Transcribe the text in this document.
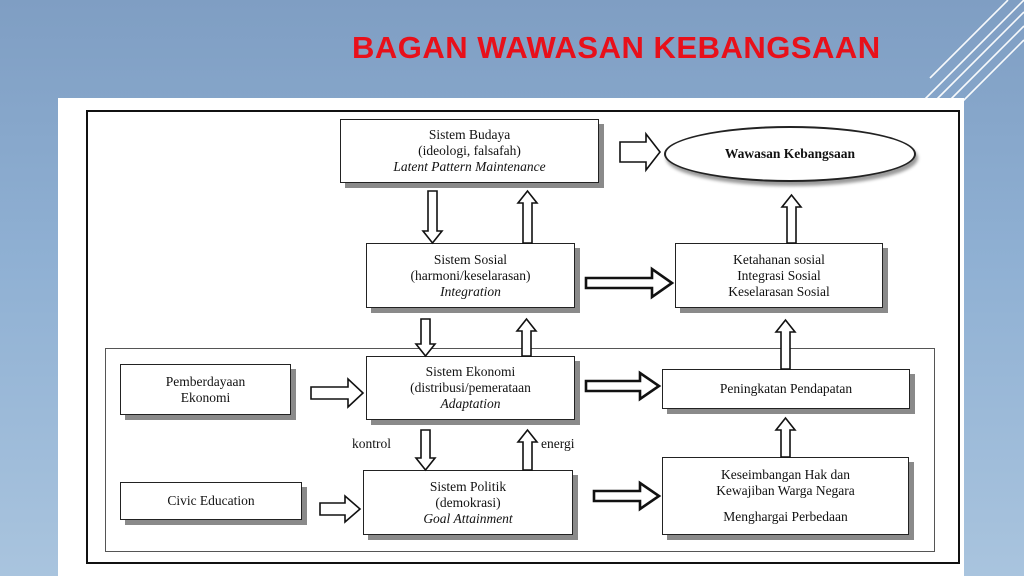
BAGAN WAWASAN KEBANGSAAN
Sistem Budaya
(ideologi, falsafah)
Latent Pattern Maintenance
Sistem Sosial
(harmoni/keselarasan)
Integration
Sistem Ekonomi
(distribusi/pemerataan
Adaptation
Sistem Politik
(demokrasi)
Goal Attainment
Pemberdayaan
Ekonomi
Civic Education
Ketahanan sosial
Integrasi Sosial
Keselarasan Sosial
Peningkatan Pendapatan
Keseimbangan Hak dan
Kewajiban Warga Negara
Menghargai Perbedaan
Wawasan Kebangsaan
kontrol	energi
